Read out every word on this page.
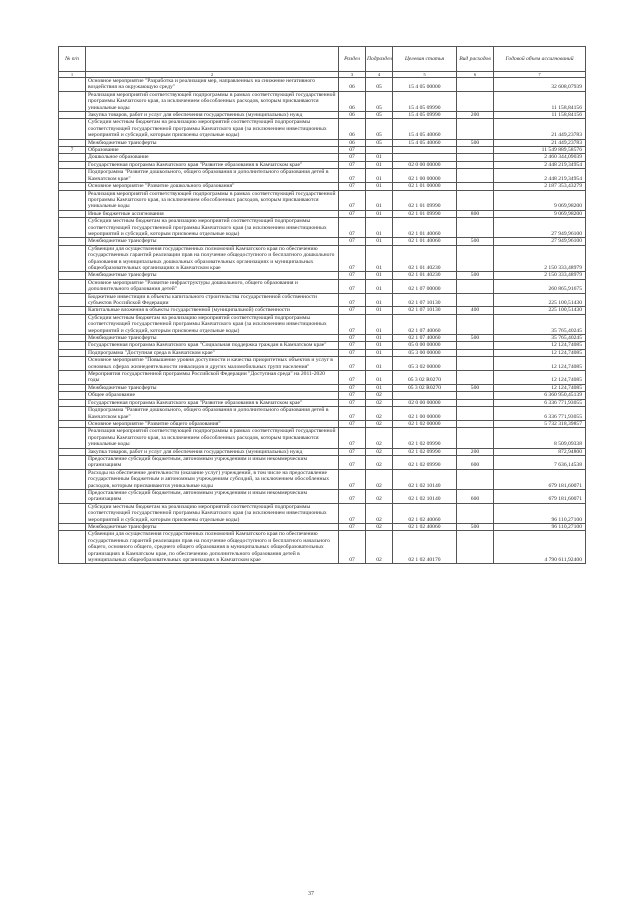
№ п/п		Раздел	Подраздел	Целевая статья	Вид расходов	Годовой объем ассигнований
1	2	3	4	5	6	7
	Основное мероприятие "Разработка и реализация мер, направленных на снижение негативного воздействия на окружающую среду"	06	05	15 4 05 00000		32 608,07939
	Реализация мероприятий соответствующей подпрограммы в рамках соответствующей государственной программы Камчатского края, за исключением обособленных расходов, которым присваиваются уникальные коды	06	05	15 4 05 09990		11 158,84156
	Закупка товаров, работ и услуг для обеспечения государственных (муниципальных) нужд	06	05	15 4 05 09990	200	11 158,84156
	Субсидии местным бюджетам на реализацию мероприятий соответствующей подпрограммы соответствующей государственной программы Камчатского края (за исключением инвестиционных мероприятий и субсидий, которым присвоены отдельные коды)	06	05	15 4 05 40060		21 449,23783
	Межбюджетные трансферты	06	05	15 4 05 40060	500	21 449,23783
7	Образование	07				11 549 889,58576
	Дошкольное образование	07	01			2 460 344,09039
	Государственная программа Камчатского края "Развитие образования в Камчатском крае"	07	01	02 0 00 00000		2 448 219,34954
	Подпрограмма "Развитие дошкольного, общего образования и дополнительного образования детей в Камчатском крае"	07	01	02 1 00 00000		2 448 219,34954
	Основное мероприятие "Развитие дошкольного образования"	07	01	02 1 01 00000		2 187 353,43279
	Реализация мероприятий соответствующей подпрограммы в рамках соответствующей государственной программы Камчатского края, за исключением обособленных расходов, которым присваиваются уникальные коды	07	01	02 1 01 09990		9 069,98200
	Иные бюджетные ассигнования	07	01	02 1 01 09990	800	9 069,98200
	Субсидии местным бюджетам на реализацию мероприятий соответствующей подпрограммы соответствующей государственной программы Камчатского края (за исключением инвестиционных мероприятий и субсидий, которым присвоены отдельные коды)	07	01	02 1 01 40060		27 949,96100
	Межбюджетные трансферты	07	01	02 1 01 40060	500	27 949,96100
	Субвенции для осуществления государственных полномочий Камчатского края по обеспечению государственных гарантий реализации прав на получение общедоступного и бесплатного дошкольного образования в муниципальных дошкольных образовательных организациях и муниципальных общеобразовательных организациях в Камчатском крае	07	01	02 1 01 40230		2 150 333,48979
	Межбюджетные трансферты	07	01	02 1 01 40230	500	2 150 333,48979
	Основное мероприятие "Развитие инфраструктуры дошкольного, общего образования и дополнительного образования детей"	07	01	02 1 07 00000		260 865,91675
	Бюджетные инвестиции в объекты капитального строительства государственной собственности субъектов Российской Федерации	07	01	02 1 07 10130		225 100,51430
	Капитальные вложения в объекты государственной (муниципальной) собственности	07	01	02 1 07 10130	400	225 100,51430
	Субсидии местным бюджетам на реализацию мероприятий соответствующей подпрограммы соответствующей государственной программы Камчатского края (за исключением инвестиционных мероприятий и субсидий, которым присвоены отдельные коды)	07	01	02 1 07 40060		35 765,40245
	Межбюджетные трансферты	07	01	02 1 07 40060	500	35 765,40245
	Государственная программа Камчатского края "Социальная поддержка граждан в Камчатском крае"	07	01	05 0 00 00000		12 124,74085
	Подпрограмма "Доступная среда в Камчатском крае"	07	01	05 3 00 00000		12 124,74085
	Основное мероприятие "Повышение уровня доступности и качества приоритетных объектов и услуг в основных сферах жизнедеятельности инвалидов и других маломобильных групп населения"	07	01	05 3 02 00000		12 124,74085
	Мероприятия государственной программы Российской Федерации "Доступная среда" на 2011-2020 годы	07	01	05 3 02 R0270		12 124,74085
	Межбюджетные трансферты	07	01	05 3 02 R0270	500	12 124,74085
	Общее образование	07	02			6 360 950,45139
	Государственная программа Камчатского края "Развитие образования в Камчатском крае"	07	02	02 0 00 00000		6 336 771,93055
	Подпрограмма "Развитие дошкольного, общего образования и дополнительного образования детей в Камчатском крае"	07	02	02 1 00 00000		6 336 771,93055
	Основное мероприятие "Развитие общего образования"	07	02	02 1 02 00000		5 732 318,39857
	Реализация мероприятий соответствующей подпрограммы в рамках соответствующей государственной программы Камчатского края, за исключением обособленных расходов, которым присваиваются уникальные коды	07	02	02 1 02 09990		8 509,09338
	Закупка товаров, работ и услуг для обеспечения государственных (муниципальных) нужд	07	02	02 1 02 09990	200	872,94800
	Предоставление субсидий бюджетным, автономным учреждениям и иным некоммерческим организациям	07	02	02 1 02 09990	600	7 636,14538
	Расходы на обеспечение деятельности (оказание услуг) учреждений, в том числе на предоставление государственным бюджетным и автономным учреждениям субсидий, за исключением обособленных расходов, которым присваиваются уникальные коды	07	02	02 1 02 10140		679 181,60071
	Предоставление субсидий бюджетным, автономным учреждениям и иным некоммерческим организациям	07	02	02 1 02 10140	600	679 181,60071
	Субсидии местным бюджетам на реализацию мероприятий соответствующей подпрограммы соответствующей государственной программы Камчатского края (за исключением инвестиционных мероприятий и субсидий, которым присвоены отдельные коды)	07	02	02 1 02 40060		96 110,27100
	Межбюджетные трансферты	07	02	02 1 02 40060	500	96 110,27100
	Субвенции для осуществления государственных полномочий Камчатского края по обеспечению государственных гарантий реализации прав на получение общедоступного и бесплатного начального общего, основного общего, среднего общего образования в муниципальных общеобразовательных организациях в Камчатском крае, по обеспечению дополнительного образования детей в муниципальных общеобразовательных организациях в Камчатском крае	07	02	02 1 02 40170		4 790 611,92400
37
